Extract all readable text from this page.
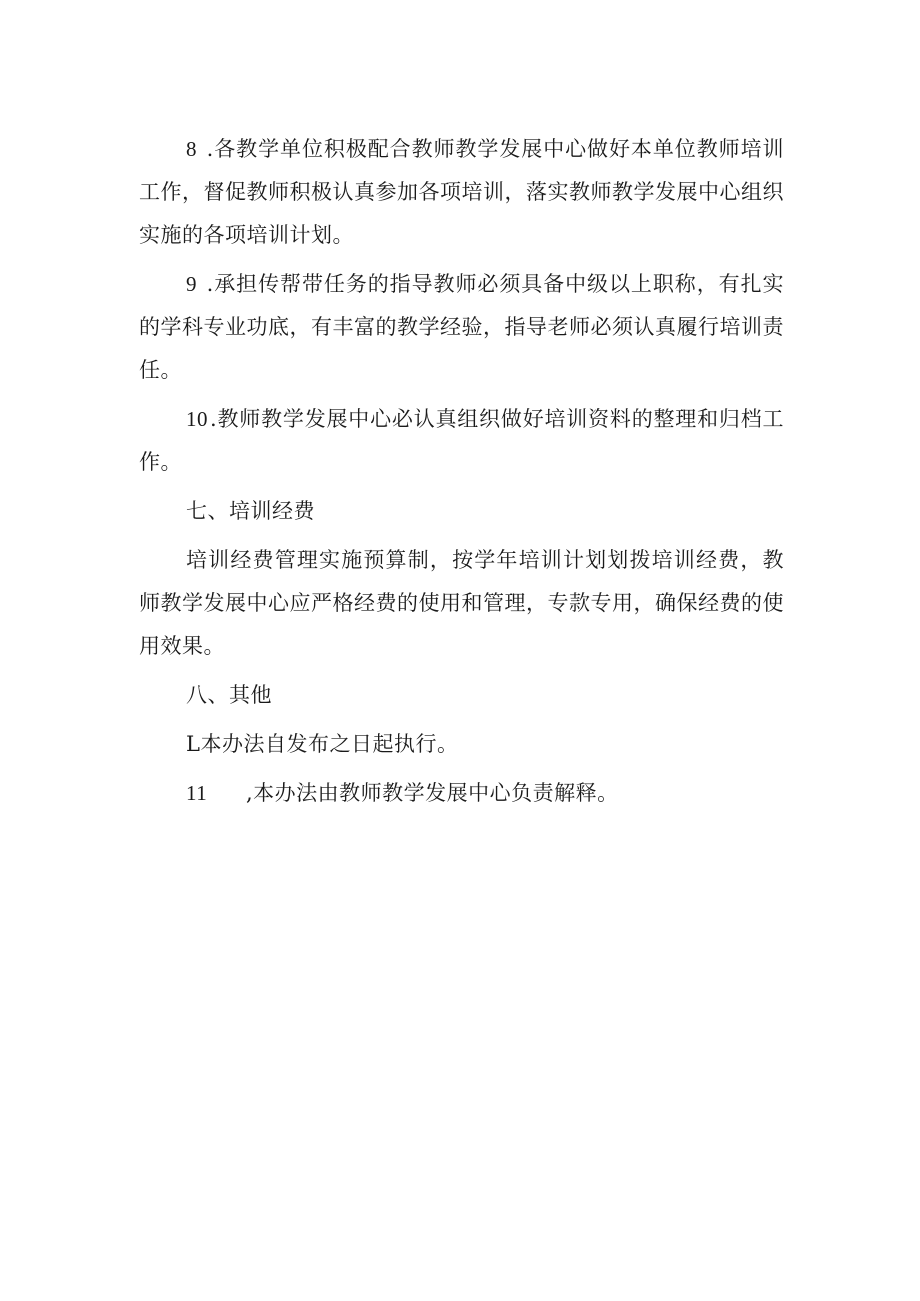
8 .各教学单位积极配合教师教学发展中心做好本单位教师培训工作，督促教师积极认真参加各项培训，落实教师教学发展中心组织实施的各项培训计划。

9 .承担传帮带任务的指导教师必须具备中级以上职称，有扎实的学科专业功底，有丰富的教学经验，指导老师必须认真履行培训责任。

10.教师教学发展中心必认真组织做好培训资料的整理和归档工作。

七、培训经费

培训经费管理实施预算制，按学年培训计划划拨培训经费，教师教学发展中心应严格经费的使用和管理，专款专用，确保经费的使用效果。

八、其他

L本办法自发布之日起执行。

11 ,本办法由教师教学发展中心负责解释。
